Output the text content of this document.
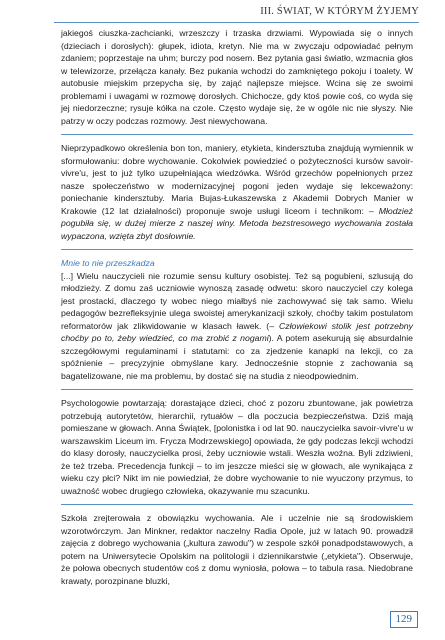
III. ŚWIAT, W KTÓRYM ŻYJEMY

jakiegoś ciuszka-zachcianki, wrzeszczy i trzaska drzwiami. Wypowiada się o innych (dzieciach i dorosłych): głupek, idiota, kretyn. Nie ma w zwyczaju odpowiadać pełnym zdaniem; poprzestaje na uhm; burczy pod nosem. Bez pytania gasi światło, wzmacnia głos w telewizorze, przełącza kanały. Bez pukania wchodzi do zamkniętego pokoju i toalety. W autobusie miejskim przepycha się, by zająć najlepsze miejsce. Wcina się ze swoimi problemami i uwagami w rozmowę dorosłych. Chichocze, gdy ktoś powie coś, co wyda się jej niedorzeczne; rysuje kółka na czole. Często wydaje się, że w ogóle nic nie słyszy. Nie patrzy w oczy podczas rozmowy. Jest niewychowana.

Nieprzypadkowo określenia bon ton, maniery, etykieta, kindersztuba znajdują wymiennik w sformułowaniu: dobre wychowanie. Cokolwiek powiedzieć o pożyteczności kursów savoir-vivre'u, jest to już tylko uzupełniająca wiedzówka. Wśród grzechów popełnionych przez nasze społeczeństwo w modernizacyjnej pogoni jeden wydaje się lekceważony: poniechanie kindersztuby. Maria Bujas-Łukaszewska z Akademii Dobrych Manier w Krakowie (12 lat działalności) proponuje swoje usługi liceom i technikom: – Młodzież pogubiła się, w dużej mierze z naszej winy. Metoda bezstresowego wychowania została wypaczona, wzięta zbyt dosłownie.

Mnie to nie przeszkadza

[...] Wielu nauczycieli nie rozumie sensu kultury osobistej. Też są pogubieni, szlusują do młodzieży. Z domu zaś uczniowie wynoszą zasadę odwetu: skoro nauczyciel czy kolega jest prostacki, dlaczego ty wobec niego miałbyś nie zachowywać się tak samo. Wielu pedagogów bezrefleksyjnie ulega swoistej amerykanizacji szkoły, choćby takim postulatom reformatorów jak zlikwidowanie w klasach ławek. (– Człowiekowi stolik jest potrzebny choćby po to, żeby wiedzieć, co ma zrobić z nogami). A potem asekurują się absurdalnie szczegółowymi regulaminami i statutami: co za zjedzenie kanapki na lekcji, co za spóźnienie – precyzyjnie obmyślane kary. Jednocześnie stopnie z zachowania są bagatelizowane, nie ma problemu, by dostać się na studia z nieodpowiednim.

Psychologowie powtarzają: dorastające dzieci, choć z pozoru zbuntowane, jak powietrza potrzebują autorytetów, hierarchii, rytuałów – dla poczucia bezpieczeństwa. Dziś mają pomieszane w głowach. Anna Świątek, [polonistka i od lat 90. nauczycielka savoir-vivre'u w warszawskim Liceum im. Frycza Modrzewskiego] opowiada, że gdy podczas lekcji wchodzi do klasy dorosły, nauczycielka prosi, żeby uczniowie wstali. Weszła woźna. Byli zdziwieni, że też trzeba. Precedencja funkcji – to im jeszcze mieści się w głowach, ale wynikająca z wieku czy płci? Nikt im nie powiedział, że dobre wychowanie to nie wyuczony przymus, to uważność wobec drugiego człowieka, okazywanie mu szacunku.

Szkoła zrejterowała z obowiązku wychowania. Ale i uczelnie nie są środowiskiem wzorotwórczym. Jan Minkner, redaktor naczelny Radia Opole, już w latach 90. prowadził zajęcia z dobrego wychowania („kultura zawodu") w zespole szkół ponadpodstawowych, a potem na Uniwersytecie Opolskim na politologii i dziennikarstwie („etykieta"). Obserwuje, że połowa obecnych studentów coś z domu wyniosła, połowa – to tabula rasa. Niedobrane krawaty, porozpinane bluzki,

129
